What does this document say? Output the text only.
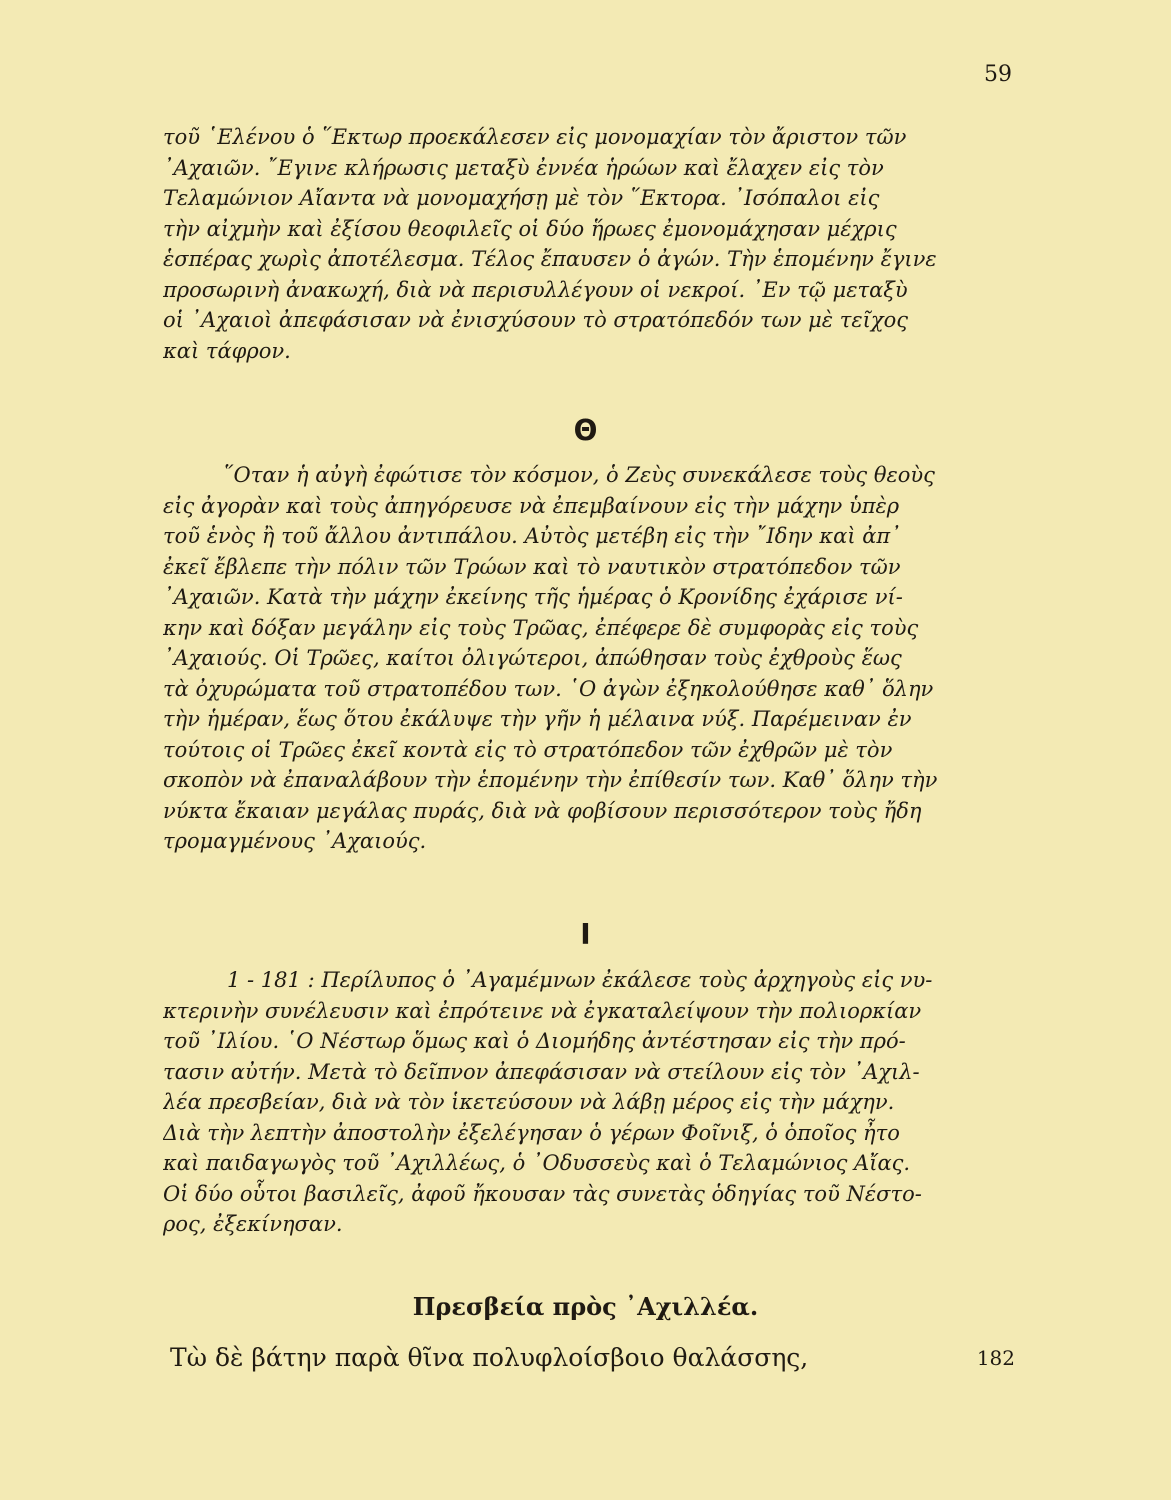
59
τοῦ ῾Ελένου ὁ ῞Εκτωρ προεκάλεσεν εἰς μονομαχίαν τὸν ἄριστον τῶν
᾿Αχαιῶν. ῎Εγινε κλήρωσις μεταξὺ ἐννέα ἡρώων καὶ ἔλαχεν εἰς τὸν
Τελαμώνιον Αἴαντα νὰ μονομαχήσῃ μὲ τὸν ῞Εκτορα. ᾿Ισόπαλοι εἰς
τὴν αἰχμὴν καὶ ἐξίσου θεοφιλεῖς οἱ δύο ἥρωες ἐμονομάχησαν μέχρις
ἑσπέρας χωρὶς ἀποτέλεσμα. Τέλος ἔπαυσεν ὁ ἀγών. Τὴν ἑπομένην ἔγινε
προσωρινὴ ἀνακωχή, διὰ νὰ περισυλλέγουν οἱ νεκροί. ᾿Εν τῷ μεταξὺ
οἱ ᾿Αχαιοὶ ἀπεφάσισαν νὰ ἐνισχύσουν τὸ στρατόπεδόν των μὲ τεῖχος
καὶ τάφρον.
Θ
῞Οταν ἡ αὐγὴ ἐφώτισε τὸν κόσμον, ὁ Ζεὺς συνεκάλεσε τοὺς θεοὺς
εἰς ἀγορὰν καὶ τοὺς ἀπηγόρευσε νὰ ἐπεμβαίνουν εἰς τὴν μάχην ὑπὲρ
τοῦ ἑνὸς ἢ τοῦ ἄλλου ἀντιπάλου. Αὐτὸς μετέβη εἰς τὴν ῎Ιδην καὶ ἀπ᾿
ἐκεῖ ἔβλεπε τὴν πόλιν τῶν Τρώων καὶ τὸ ναυτικὸν στρατόπεδον τῶν
᾿Αχαιῶν. Κατὰ τὴν μάχην ἐκείνης τῆς ἡμέρας ὁ Κρονίδης ἐχάρισε νί-
κην καὶ δόξαν μεγάλην εἰς τοὺς Τρῶας, ἐπέφερε δὲ συμφορὰς εἰς τοὺς
᾿Αχαιούς. Οἱ Τρῶες, καίτοι ὀλιγώτεροι, ἀπώθησαν τοὺς ἐχθροὺς ἕως
τὰ ὀχυρώματα τοῦ στρατοπέδου των. ῾Ο ἀγὼν ἐξηκολούθησε καθ᾿ ὅλην
τὴν ἡμέραν, ἕως ὅτου ἐκάλυψε τὴν γῆν ἡ μέλαινα νύξ. Παρέμειναν ἐν
τούτοις οἱ Τρῶες ἐκεῖ κοντὰ εἰς τὸ στρατόπεδον τῶν ἐχθρῶν μὲ τὸν
σκοπὸν νὰ ἐπαναλάβουν τὴν ἑπομένην τὴν ἐπίθεσίν των. Καθ᾿ ὅλην τὴν
νύκτα ἔκαιαν μεγάλας πυράς, διὰ νὰ φοβίσουν περισσότερον τοὺς ἤδη
τρομαγμένους ᾿Αχαιούς.
Ι
1 - 181 : Περίλυπος ὁ ᾿Αγαμέμνων ἐκάλεσε τοὺς ἀρχηγοὺς εἰς νυ-
κτερινὴν συνέλευσιν καὶ ἐπρότεινε νὰ ἐγκαταλείψουν τὴν πολιορκίαν
τοῦ ᾿Ιλίου. ῾Ο Νέστωρ ὅμως καὶ ὁ Διομήδης ἀντέστησαν εἰς τὴν πρό-
τασιν αὐτήν. Μετὰ τὸ δεῖπνον ἀπεφάσισαν νὰ στείλουν εἰς τὸν ᾿Αχιλ-
λέα πρεσβείαν, διὰ νὰ τὸν ἱκετεύσουν νὰ λάβῃ μέρος εἰς τὴν μάχην.
Διὰ τὴν λεπτὴν ἀποστολὴν ἐξελέγησαν ὁ γέρων Φοῖνιξ, ὁ ὁποῖος ἦτο
καὶ παιδαγωγὸς τοῦ ᾿Αχιλλέως, ὁ ᾿Οδυσσεὺς καὶ ὁ Τελαμώνιος Αἴας.
Οἱ δύο οὗτοι βασιλεῖς, ἀφοῦ ἤκουσαν τὰς συνετὰς ὁδηγίας τοῦ Νέστο-
ρος, ἐξεκίνησαν.
Πρεσβεία πρὸς ᾿Αχιλλέα.
Τὼ δὲ βάτην παρὰ θῖνα πολυφλοίσβοιο θαλάσσης,	182
